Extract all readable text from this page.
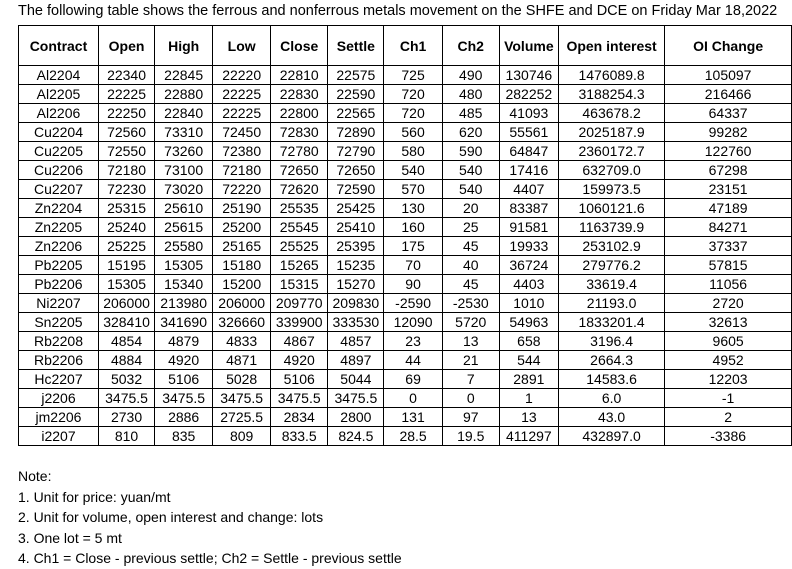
The following table shows the ferrous and nonferrous metals movement on the SHFE and DCE on Friday Mar 18,2022
Contract	Open	High	Low	Close	Settle	Ch1	Ch2	Volume	Open interest	OI Change
Al2204	22340	22845	22220	22810	22575	725	490	130746	1476089.8	105097
Al2205	22225	22880	22225	22830	22590	720	480	282252	3188254.3	216466
Al2206	22250	22840	22225	22800	22565	720	485	41093	463678.2	64337
Cu2204	72560	73310	72450	72830	72890	560	620	55561	2025187.9	99282
Cu2205	72550	73260	72380	72780	72790	580	590	64847	2360172.7	122760
Cu2206	72180	73100	72180	72650	72650	540	540	17416	632709.0	67298
Cu2207	72230	73020	72220	72620	72590	570	540	4407	159973.5	23151
Zn2204	25315	25610	25190	25535	25425	130	20	83387	1060121.6	47189
Zn2205	25240	25615	25200	25545	25410	160	25	91581	1163739.9	84271
Zn2206	25225	25580	25165	25525	25395	175	45	19933	253102.9	37337
Pb2205	15195	15305	15180	15265	15235	70	40	36724	279776.2	57815
Pb2206	15305	15340	15200	15315	15270	90	45	4403	33619.4	11056
Ni2207	206000	213980	206000	209770	209830	-2590	-2530	1010	21193.0	2720
Sn2205	328410	341690	326660	339900	333530	12090	5720	54963	1833201.4	32613
Rb2208	4854	4879	4833	4867	4857	23	13	658	3196.4	9605
Rb2206	4884	4920	4871	4920	4897	44	21	544	2664.3	4952
Hc2207	5032	5106	5028	5106	5044	69	7	2891	14583.6	12203
j2206	3475.5	3475.5	3475.5	3475.5	3475.5	0	0	1	6.0	-1
jm2206	2730	2886	2725.5	2834	2800	131	97	13	43.0	2
i2207	810	835	809	833.5	824.5	28.5	19.5	411297	432897.0	-3386
Note:
1. Unit for price: yuan/mt
2. Unit for volume, open interest and change: lots
3. One lot = 5 mt
4. Ch1 = Close - previous settle; Ch2 = Settle - previous settle
